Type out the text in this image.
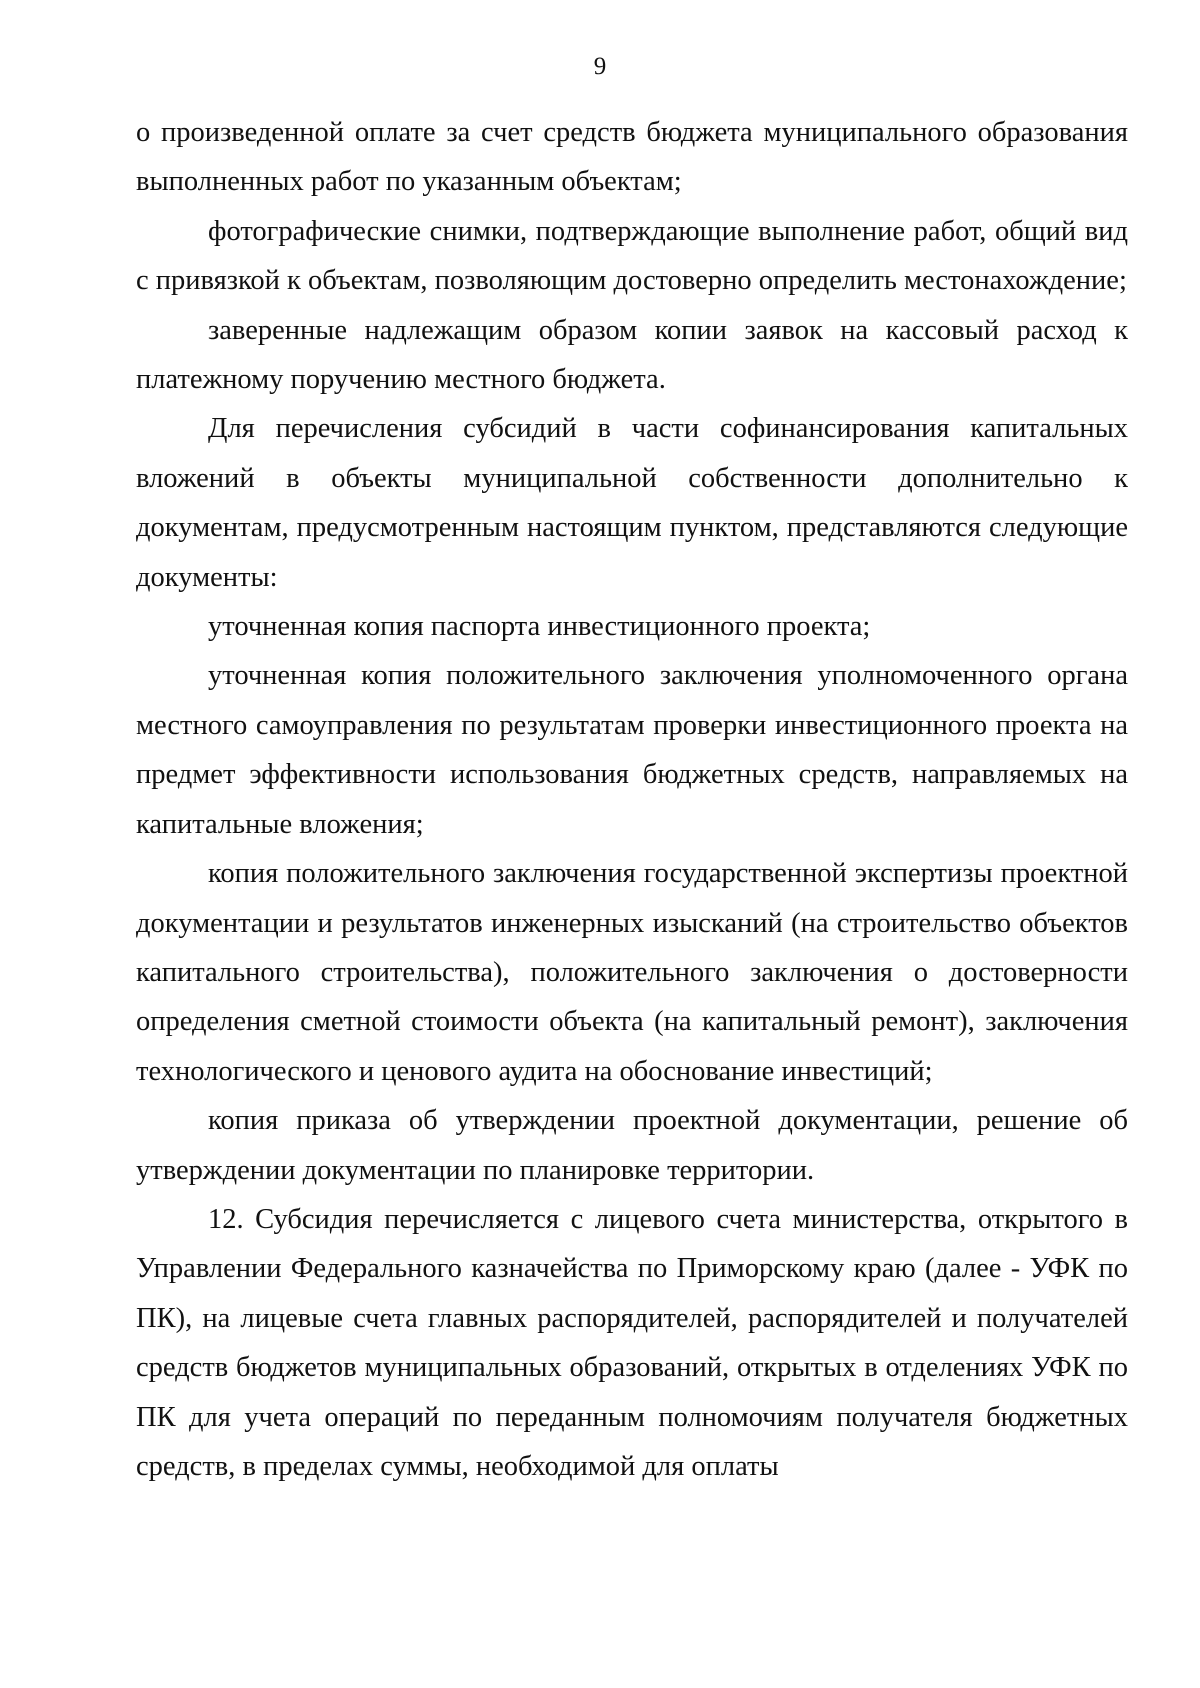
9

о произведенной оплате за счет средств бюджета муниципального образования выполненных работ по указанным объектам;

фотографические снимки, подтверждающие выполнение работ, общий вид с привязкой к объектам, позволяющим достоверно определить местонахождение;

заверенные надлежащим образом копии заявок на кассовый расход к платежному поручению местного бюджета.

Для перечисления субсидий в части софинансирования капитальных вложений в объекты муниципальной собственности дополнительно к документам, предусмотренным настоящим пунктом, представляются следующие документы:

уточненная копия паспорта инвестиционного проекта;

уточненная копия положительного заключения уполномоченного органа местного самоуправления по результатам проверки инвестиционного проекта на предмет эффективности использования бюджетных средств, направляемых на капитальные вложения;

копия положительного заключения государственной экспертизы проектной документации и результатов инженерных изысканий (на строительство объектов капитального строительства), положительного заключения о достоверности определения сметной стоимости объекта (на капитальный ремонт), заключения технологического и ценового аудита на обоснование инвестиций;

копия приказа об утверждении проектной документации, решение об утверждении документации по планировке территории.

12. Субсидия перечисляется с лицевого счета министерства, открытого в Управлении Федерального казначейства по Приморскому краю (далее - УФК по ПК), на лицевые счета главных распорядителей, распорядителей и получателей средств бюджетов муниципальных образований, открытых в отделениях УФК по ПК для учета операций по переданным полномочиям получателя бюджетных средств, в пределах суммы, необходимой для оплаты
